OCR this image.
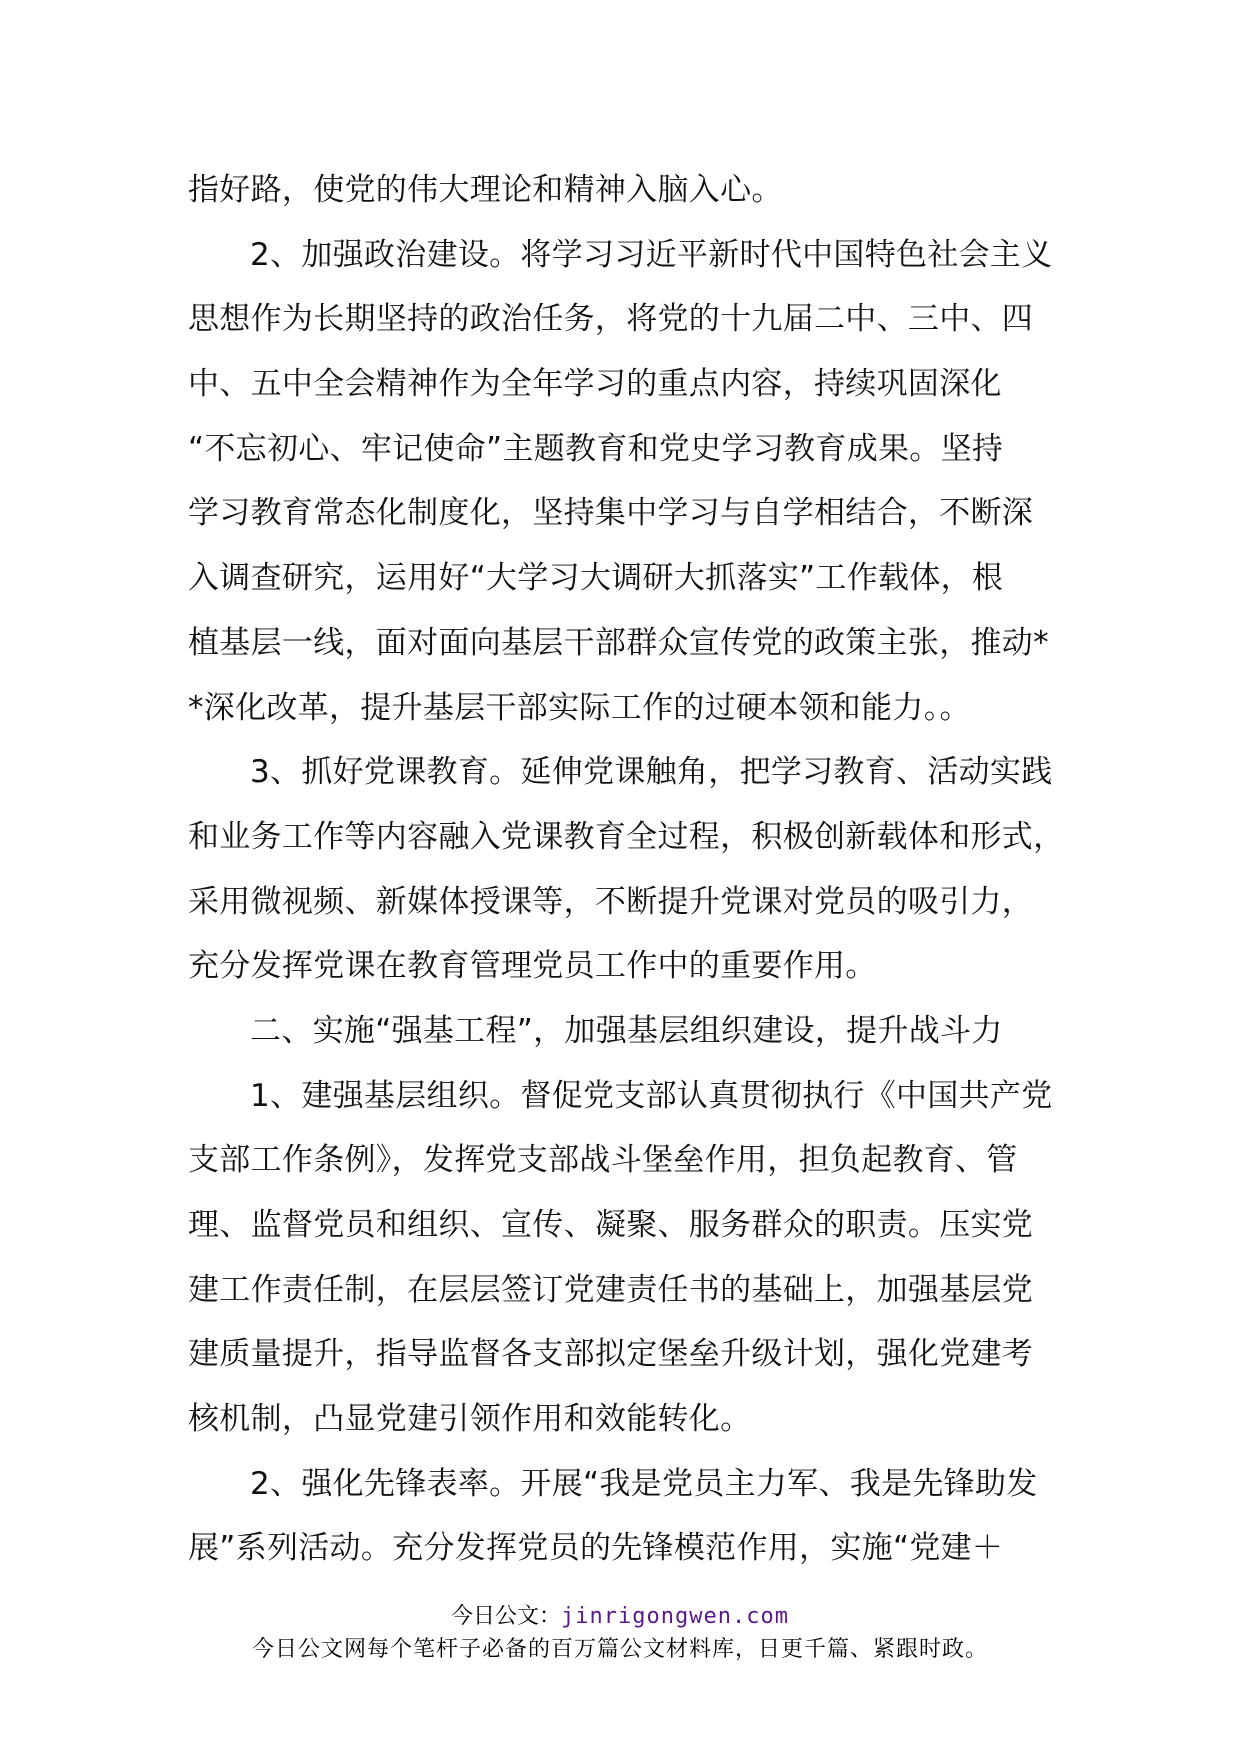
指好路，使党的伟大理论和精神入脑入心。
2、加强政治建设。将学习习近平新时代中国特色社会主义
思想作为长期坚持的政治任务，将党的十九届二中、三中、四
中、五中全会精神作为全年学习的重点内容，持续巩固深化
“不忘初心、牢记使命”主题教育和党史学习教育成果。坚持
学习教育常态化制度化，坚持集中学习与自学相结合，不断深
入调查研究，运用好“大学习大调研大抓落实”工作载体，根
植基层一线，面对面向基层干部群众宣传党的政策主张，推动*
*深化改革，提升基层干部实际工作的过硬本领和能力。。
3、抓好党课教育。延伸党课触角，把学习教育、活动实践
和业务工作等内容融入党课教育全过程，积极创新载体和形式，
采用微视频、新媒体授课等，不断提升党课对党员的吸引力，
充分发挥党课在教育管理党员工作中的重要作用。
二、实施“强基工程”，加强基层组织建设，提升战斗力
1、建强基层组织。督促党支部认真贯彻执行《中国共产党
支部工作条例》，发挥党支部战斗堡垒作用，担负起教育、管
理、监督党员和组织、宣传、凝聚、服务群众的职责。压实党
建工作责任制，在层层签订党建责任书的基础上，加强基层党
建质量提升，指导监督各支部拟定堡垒升级计划，强化党建考
核机制，凸显党建引领作用和效能转化。
2、强化先锋表率。开展“我是党员主力军、我是先锋助发
展”系列活动。充分发挥党员的先锋模范作用，实施“党建＋
今日公文：jinrigongwen.com
今日公文网每个笔杆子必备的百万篇公文材料库，日更千篇、紧跟时政。
